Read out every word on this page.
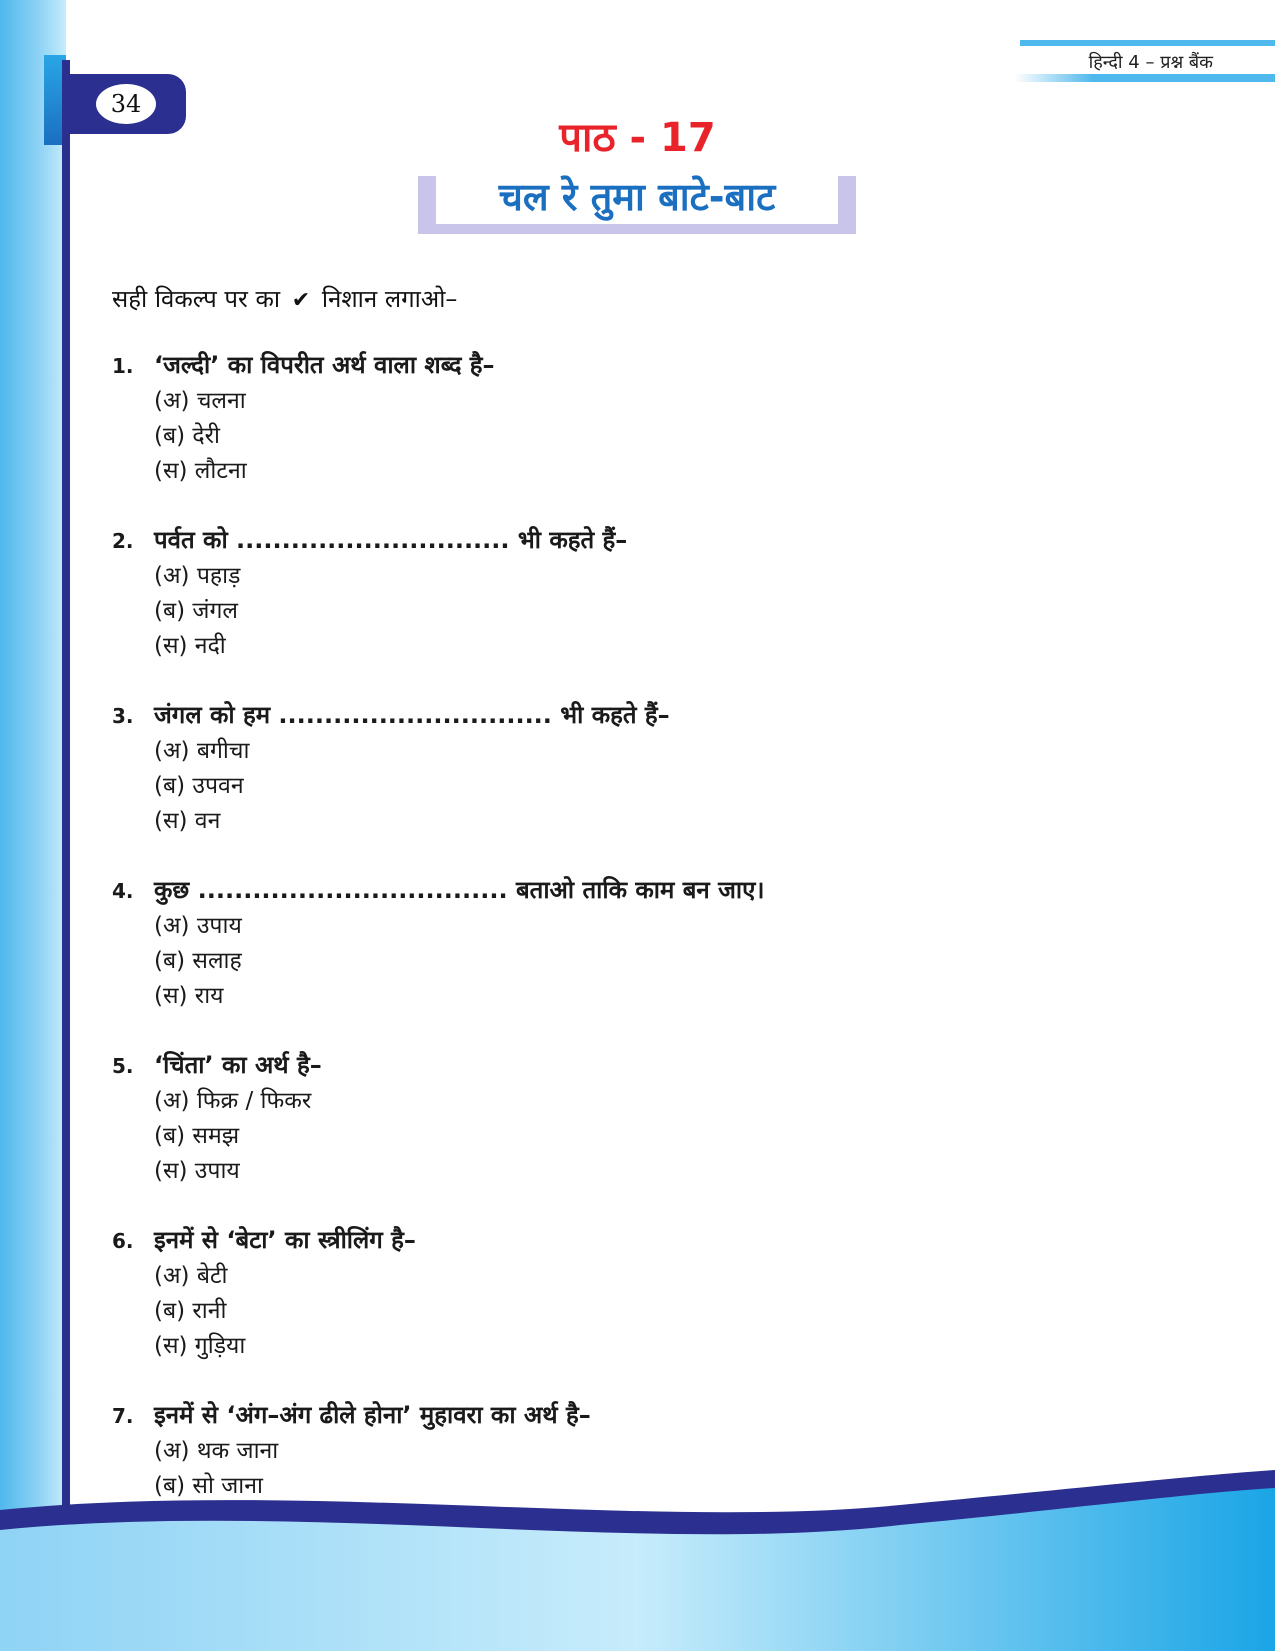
34
हिन्दी 4 – प्रश्न बैंक
पाठ - 17
चल रे तुमा बाटे-बाट
सही विकल्प पर का ✔ निशान लगाओ–
1. ‘जल्दी’ का विपरीत अर्थ वाला शब्द है–
(अ) चलना
(ब) देरी
(स) लौटना
2. पर्वत को .............................. भी कहते हैं–
(अ) पहाड़
(ब) जंगल
(स) नदी
3. जंगल को हम .............................. भी कहते हैं–
(अ) बगीचा
(ब) उपवन
(स) वन
4. कुछ .................................. बताओ ताकि काम बन जाए।
(अ) उपाय
(ब) सलाह
(स) राय
5. ‘चिंता’ का अर्थ है–
(अ) फिक्र / फिकर
(ब) समझ
(स) उपाय
6. इनमें से ‘बेटा’ का स्त्रीलिंग है–
(अ) बेटी
(ब) रानी
(स) गुड़िया
7. इनमें से ‘अंग–अंग ढीले होना’ मुहावरा का अर्थ है–
(अ) थक जाना
(ब) सो जाना
